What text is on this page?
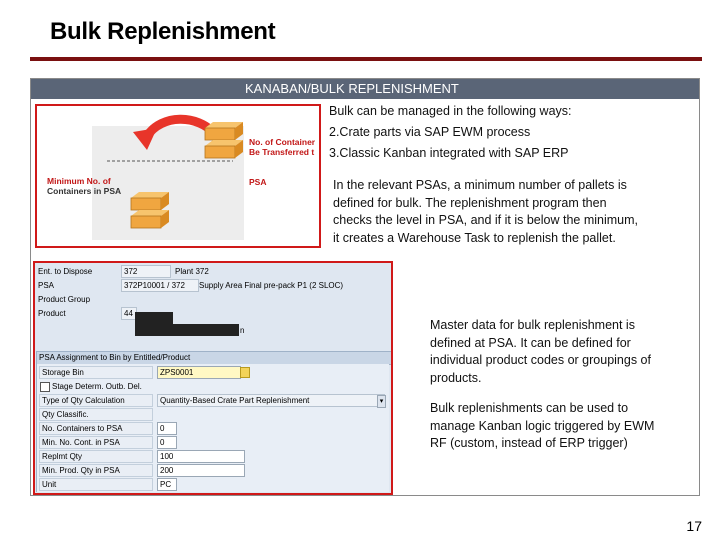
Bulk Replenishment
KANABAN/BULK REPLENISHMENT
Bulk can be managed in the following ways:
2.Crate parts via SAP EWM process
3.Classic Kanban integrated with SAP ERP
In the relevant PSAs, a minimum number of pallets is
defined for bulk. The replenishment program then
checks the level in PSA, and if it is below the minimum,
it creates a Warehouse Task to replenish the pallet.
Minimum No. of
Containers in PSA
No. of Container
Be Transferred t
PSA
Ent. to Dispose	372	Plant 372
PSA	372P10001 / 372	Supply Area Final pre-pack P1 (2 SLOC)
Product Group
Product	44
n
PSA Assignment to Bin by Entitled/Product
Storage Bin	ZPS0001
Stage Determ. Outb. Del.
Type of Qty Calculation	Quantity-Based Crate Part Replenishment	▾
Qty Classific.
No. Containers to PSA	0
Min. No. Cont. in PSA	0
Replmt Qty	100
Min. Prod. Qty in PSA	200
Unit	PC
Master data for bulk replenishment is
defined at PSA. It can be defined for
individual product codes or groupings of
products.
Bulk replenishments can be used to
manage Kanban logic triggered by EWM
RF (custom, instead of ERP trigger)
17
